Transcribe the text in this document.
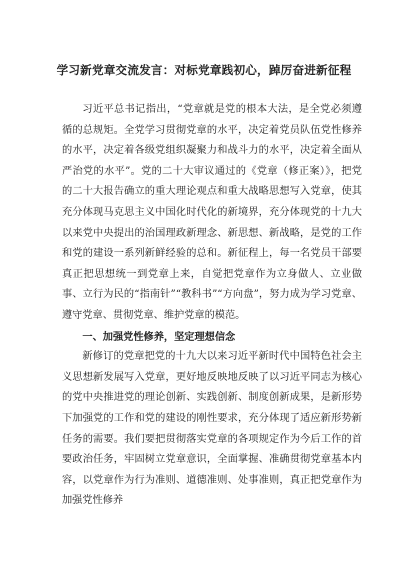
学习新党章交流发言：对标党章践初心，踔厉奋进新征程

习近平总书记指出，“党章就是党的根本大法，是全党必须遵循的总规矩。全党学习贯彻党章的水平，决定着党员队伍党性修养的水平，决定着各级党组织凝聚力和战斗力的水平，决定着全面从严治党的水平”。党的二十大审议通过的《党章（修正案）》，把党的二十大报告确立的重大理论观点和重大战略思想写入党章，使其充分体现马克思主义中国化时代化的新境界，充分体现党的十九大以来党中央提出的治国理政新理念、新思想、新战略，是党的工作和党的建设一系列新鲜经验的总和。新征程上，每一名党员干部要真正把思想统一到党章上来，自觉把党章作为立身做人、立业做事、立行为民的“指南针”“教科书”“方向盘”，努力成为学习党章、遵守党章、贯彻党章、维护党章的模范。

一、加强党性修养，坚定理想信念

新修订的党章把党的十九大以来习近平新时代中国特色社会主义思想新发展写入党章，更好地反映地反映了以习近平同志为核心的党中央推进党的理论创新、实践创新、制度创新成果，是新形势下加强党的工作和党的建设的刚性要求，充分体现了适应新形势新任务的需要。我们要把贯彻落实党章的各项规定作为今后工作的首要政治任务，牢固树立党章意识，全面掌握、准确贯彻党章基本内容，以党章作为行为准则、道德准则、处事准则，真正把党章作为加强党性修养
